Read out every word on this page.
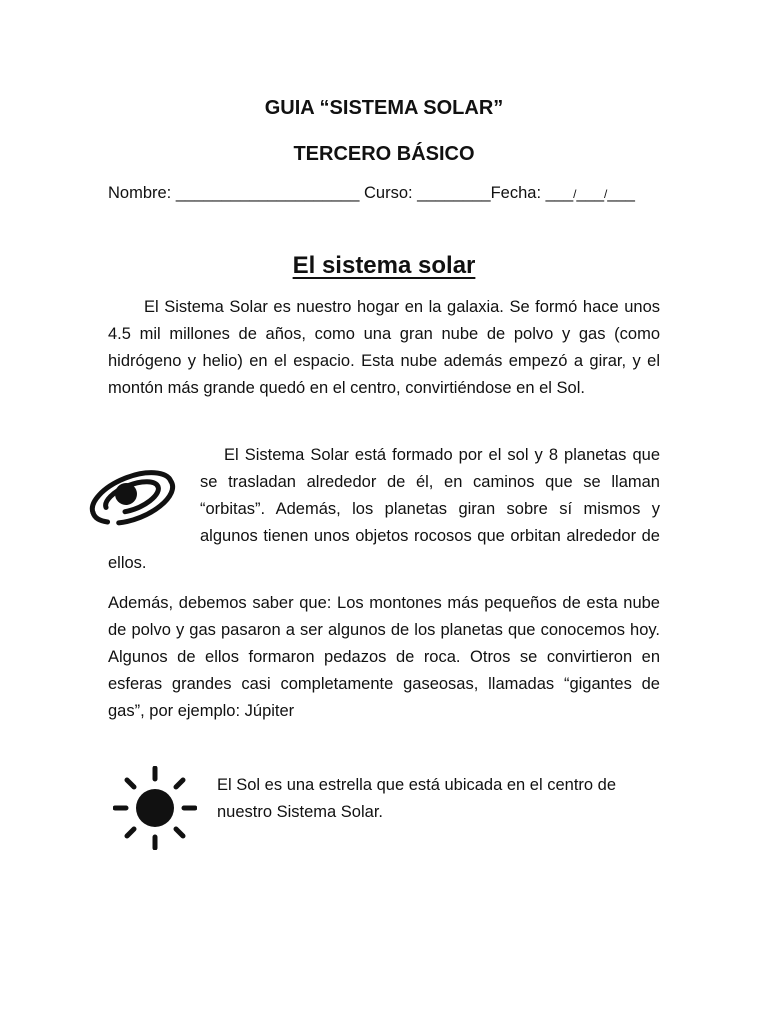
GUIA “SISTEMA SOLAR”
TERCERO BÁSICO
Nombre: ____________________ Curso: ________Fecha: ___/___/___
El sistema solar

El Sistema Solar es nuestro hogar en la galaxia. Se formó hace unos 4.5 mil millones de años, como una gran nube de polvo y gas (como hidrógeno y helio) en el espacio. Esta nube además empezó a girar, y el montón más grande quedó en el centro, convirtiéndose en el Sol.

El Sistema Solar está formado por el sol y 8 planetas que se trasladan alrededor de él, en caminos que se llaman “orbitas”. Además, los planetas giran sobre sí mismos y algunos tienen unos objetos rocosos que orbitan alrededor de ellos.

Además, debemos saber que: Los montones más pequeños de esta nube de polvo y gas pasaron a ser algunos de los planetas que conocemos hoy. Algunos de ellos formaron pedazos de roca. Otros se convirtieron en esferas grandes casi completamente gaseosas, llamadas “gigantes de gas”, por ejemplo: Júpiter

El Sol es una estrella que está ubicada en el centro de nuestro Sistema Solar.
